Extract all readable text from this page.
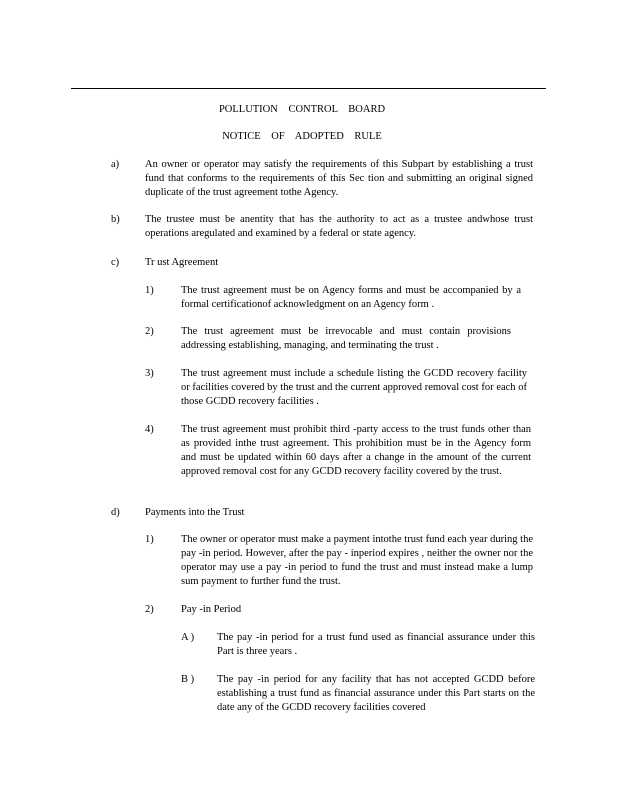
POLLUTION CONTROL BOARD
NOTICE OF ADOPTED RULE
a) An owner or operator may satisfy the requirements of this Subpart by establishing a trust fund that conforms to the requirements of this Sec tion and submitting an original signed duplicate of the trust agreement tothe Agency.

b) The trustee must be anentity that has the authority to act as a trustee andwhose trust operations aregulated and examined by a federal or state agency.

c) Tr ust Agreement
1)	The trust agreement must be on Agency forms and must be accompanied by a formal certificationof acknowledgment on an Agency form .

2)	The trust agreement must be irrevocable and must contain provisions addressing establishing, managing, and terminating the trust .

3)	The trust agreement must include a schedule listing the GCDD recovery facility or facilities covered by the trust and the current approved removal cost for each of those GCDD recovery facilities .

4)	The trust agreement must prohibit third -party access to the trust funds other than as provided inthe trust agreement. This prohibition must be in the Agency form and must be updated within 60 days after a change in the amount of the current approved removal cost for any GCDD recovery facility covered by the trust.

d) Payments into the Trust
1)	The owner or operator must make a payment intothe trust fund each year during the pay -in period. However, after the pay - inperiod expires , neither the owner nor the operator may use a pay -in period to fund the trust and must instead make a lump sum payment to further fund the trust.

2)	Pay -in Period
A ) The pay -in period for a trust fund used as financial assurance under this Part is three years .

B ) The pay -in period for any facility that has not accepted GCDD before establishing a trust fund as financial assurance under this Part starts on the date any of the GCDD recovery facilities covered
